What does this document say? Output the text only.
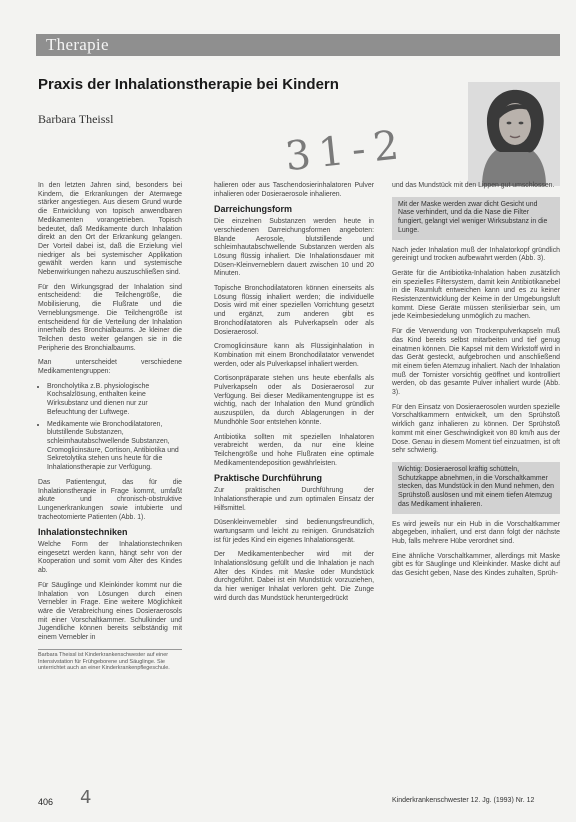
Therapie
Praxis der Inhalationstherapie bei Kindern
Barbara Theissl
31-2

In den letzten Jahren sind, besonders bei Kindern, die Erkrankungen der Atemwege stärker angestiegen. Aus diesem Grund wurde die Entwicklung von topisch anwendbaren Medikamenten vorangetrieben. Topisch bedeutet, daß Medikamente durch Inhalation direkt an den Ort der Erkrankung gelangen. Der Vorteil dabei ist, daß die Erzielung viel niedriger als bei systemischer Applikation gewählt werden kann und systemische Nebenwirkungen nahezu auszuschließen sind.

Für den Wirkungsgrad der Inhalation sind entscheidend: die Teilchengröße, die Mobilisierung, die Flußrate und die Verneblungsmenge. Die Teilchengröße ist entscheidend für die Verteilung der Inhalation innerhalb des Bronchialbaums. Je kleiner die Teilchen desto weiter gelangen sie in die Peripherie des Bronchialbaums.

Man unterscheidet verschiedene Medikamentengruppen:

• Broncholytika z.B. physiologische Kochsalzlösung, enthalten keine Wirksubstanz und dienen nur zur Befeuchtung der Luftwege.
• Medikamente wie Bronchodilatatoren, blutstillende Substanzen, schleimhautabschwellende Substanzen, Cromoglicinsäure, Cortison, Antibiotika und Sekretolytika stehen uns heute für die Inhalationstherapie zur Verfügung.

Das Patientengut, das für die Inhalationstherapie in Frage kommt, umfaßt akute und chronisch-obstruktive Lungenerkrankungen sowie intubierte und tracheotomierte Patienten (Abb. 1).

Inhalationstechniken

Welche Form der Inhalationstechniken eingesetzt werden kann, hängt sehr von der Kooperation und somit vom Alter des Kindes ab.

Für Säuglinge und Kleinkinder kommt nur die Inhalation von Lösungen durch einen Vernebler in Frage. Eine weitere Möglichkeit wäre die Verabreichung eines Dosieraerosols mit einer Vorschaltkammer. Schulkinder und Jugendliche können bereits selbständig mit einem Vernebler in

Barbara Theissl ist Kinderkrankenschwester auf einer Intensivstation für Frühgeborene und Säuglinge. Sie unterrichtet auch an einer Kinderkrankenpflegeschule.

halieren oder aus Taschendosierinhalatoren Pulver inhalieren oder Dosieraerosole inhalieren.

Darreichungsform

Die einzelnen Substanzen werden heute in verschiedenen Darreichungsformen angeboten: Blande Aerosole, blutstillende und schleimhautabschwellende Substanzen werden als Lösung flüssig inhaliert. Die Inhalationsdauer mit Düsen-Kleinverneblern dauert zwischen 10 und 20 Minuten.

Topische Bronchodilatatoren können einerseits als Lösung flüssig inhaliert werden; die individuelle Dosis wird mit einer speziellen Vorrichtung gesetzt und ergänzt, zum anderen gibt es Bronchodilatatoren als Pulverkapseln oder als Dosieraerosol.

Cromoglicinsäure kann als Flüssiginhalation in Kombination mit einem Bronchodilatator verwendet werden, oder als Pulverkapsel inhaliert werden.

Cortisonpräparate stehen uns heute ebenfalls als Pulverkapseln oder als Dosieraerosol zur Verfügung. Bei dieser Medikamentengruppe ist es wichtig, nach der Inhalation den Mund gründlich auszuspülen, da durch Ablagerungen in der Mundhöhle Soor entstehen könnte.

Antibiotika sollten mit speziellen Inhalatoren verabreicht werden, da nur eine kleine Teilchengröße und hohe Flußraten eine optimale Medikamentendeposition gewährleisten.

Praktische Durchführung

Zur praktischen Durchführung der Inhalationstherapie und zum optimalen Einsatz der Hilfsmittel.

Düsenkleinvernebler sind bedienungsfreundlich, wartungsarm und leicht zu reinigen. Grundsätzlich ist für jedes Kind ein eigenes Inhalationsgerät.

Der Medikamentenbecher wird mit der Inhalationslösung gefüllt und die Inhalation je nach Alter des Kindes mit Maske oder Mundstück durchgeführt. Dabei ist ein Mundstück vorzuziehen, da hier weniger Inhalat verloren geht. Die Zunge wird durch das Mundstück heruntergedrückt

und das Mundstück mit den Lippen gut umschlossen.

Mit der Maske werden zwar dicht Gesicht und Nase verhindert, und da die Nase die Filter fungiert, gelangt viel weniger Wirksubstanz in die Lunge.

Nach jeder Inhalation muß der Inhalatorkopf gründlich gereinigt und trocken aufbewahrt werden (Abb. 3).

Geräte für die Antibiotika-Inhalation haben zusätzlich ein spezielles Filtersystem, damit kein Antibiotikanebel in die Raumluft entweichen kann und es zu keiner Resistenzentwicklung der Keime in der Umgebungsluft kommt. Diese Geräte müssen sterilisierbar sein, um jede Keimbesiedelung unmöglich zu machen.

Für die Verwendung von Trockenpulverkapseln muß das Kind bereits selbst mitarbeiten und tief genug einatmen können. Die Kapsel mit dem Wirkstoff wird in das Gerät gesteckt, aufgebrochen und anschließend mit einem tiefen Atemzug inhaliert. Nach der Inhalation muß der Tornister vorsichtig geöffnet und kontrolliert werden, ob das gesamte Pulver inhaliert wurde (Abb. 3).

Für den Einsatz von Dosieraerosolen wurden spezielle Vorschaltkammern entwickelt, um den Sprühstoß wirklich ganz inhalieren zu können. Der Sprühstoß kommt mit einer Geschwindigkeit von 80 km/h aus der Dose. Genau in diesem Moment tief einzuatmen, ist oft sehr schwierig.

Wichtig: Dosieraerosol kräftig schütteln, Schutzkappe abnehmen, in die Vorschaltkammer stecken, das Mundstück in den Mund nehmen, den Sprühstoß auslösen und mit einem tiefen Atemzug das Medikament inhalieren.

Es wird jeweils nur ein Hub in die Vorschaltkammer abgegeben, inhaliert, und erst dann folgt der nächste Hub, falls mehrere Hübe verordnet sind.

Eine ähnliche Vorschaltkammer, allerdings mit Maske gibt es für Säuglinge und Kleinkinder. Maske dicht auf das Gesicht geben, Nase des Kindes zuhalten, Sprüh-

406 4	Kinderkrankenschwester 12. Jg. (1993) Nr. 12
